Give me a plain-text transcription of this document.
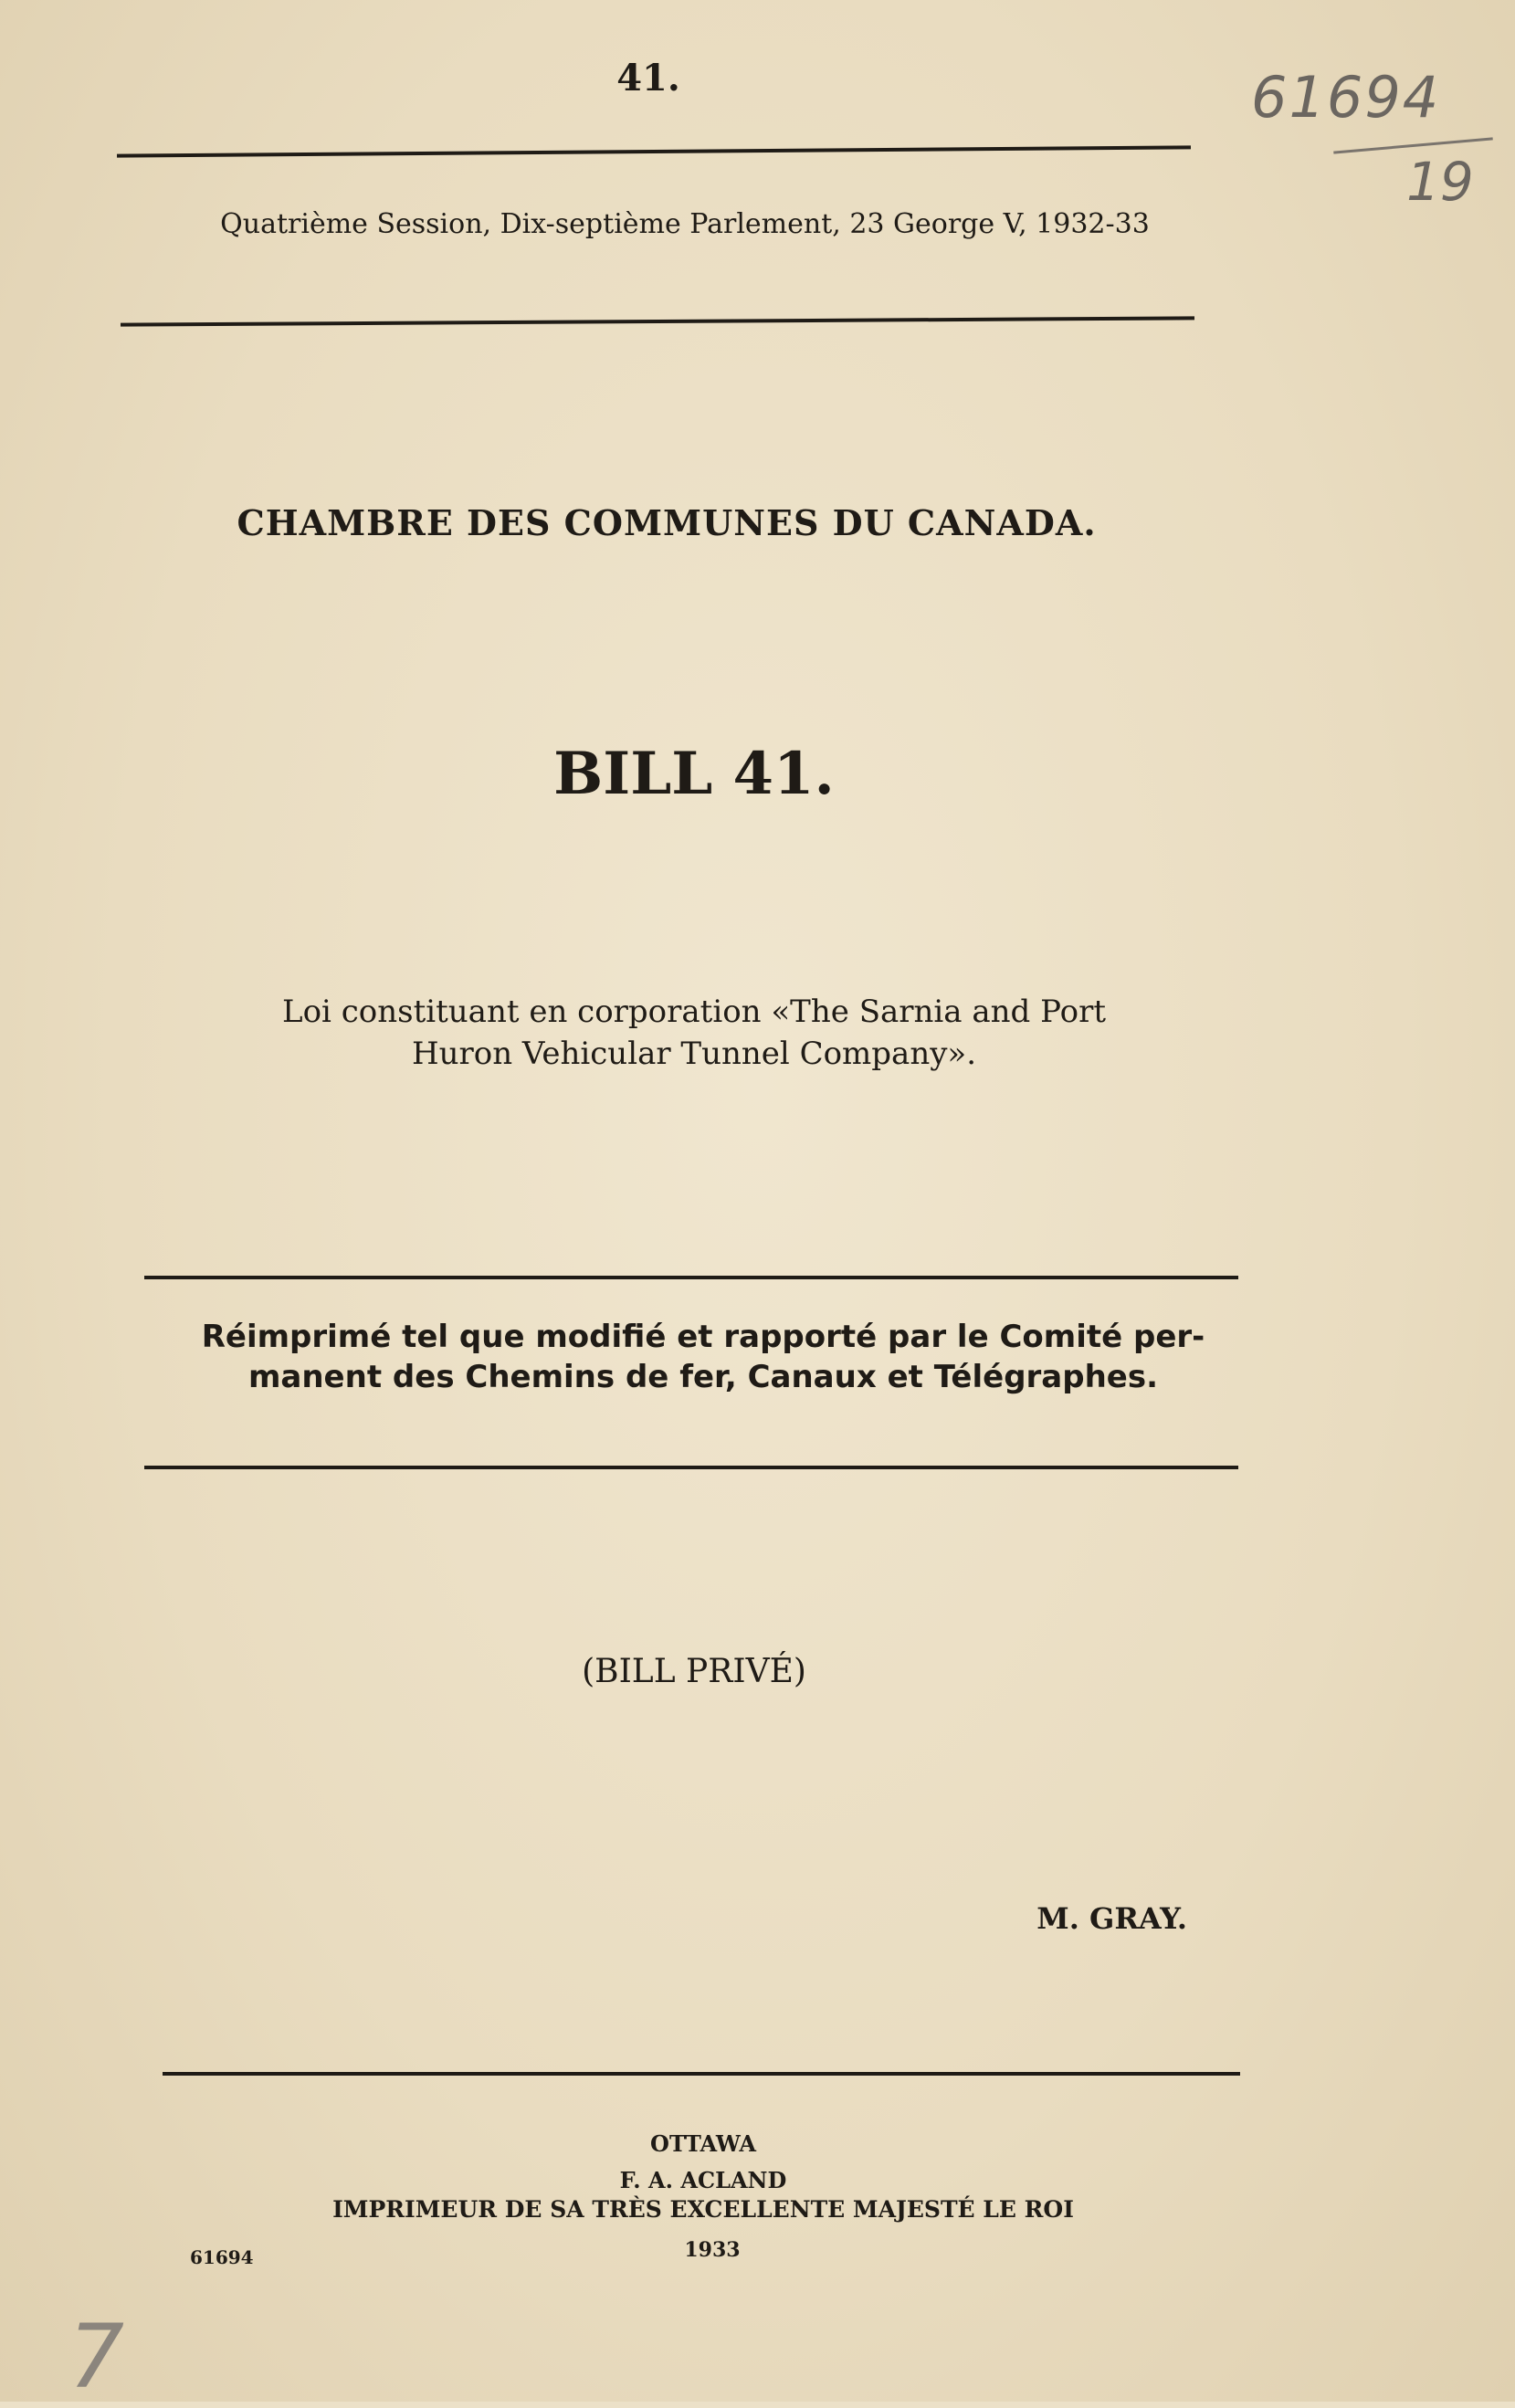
41.	61694
19
Quatrième Session, Dix-septième Parlement, 23 George V, 1932-33
CHAMBRE DES COMMUNES DU CANADA.
BILL 41.
Loi constituant en corporation «The Sarnia and Port
Huron Vehicular Tunnel Company».
Réimprimé tel que modifié et rapporté par le Comité per-
manent des Chemins de fer, Canaux et Télégraphes.
(BILL PRIVÉ)
M. GRAY.
OTTAWA
F. A. ACLAND
IMPRIMEUR DE SA TRÈS EXCELLENTE MAJESTÉ LE ROI
1933
61694
7
